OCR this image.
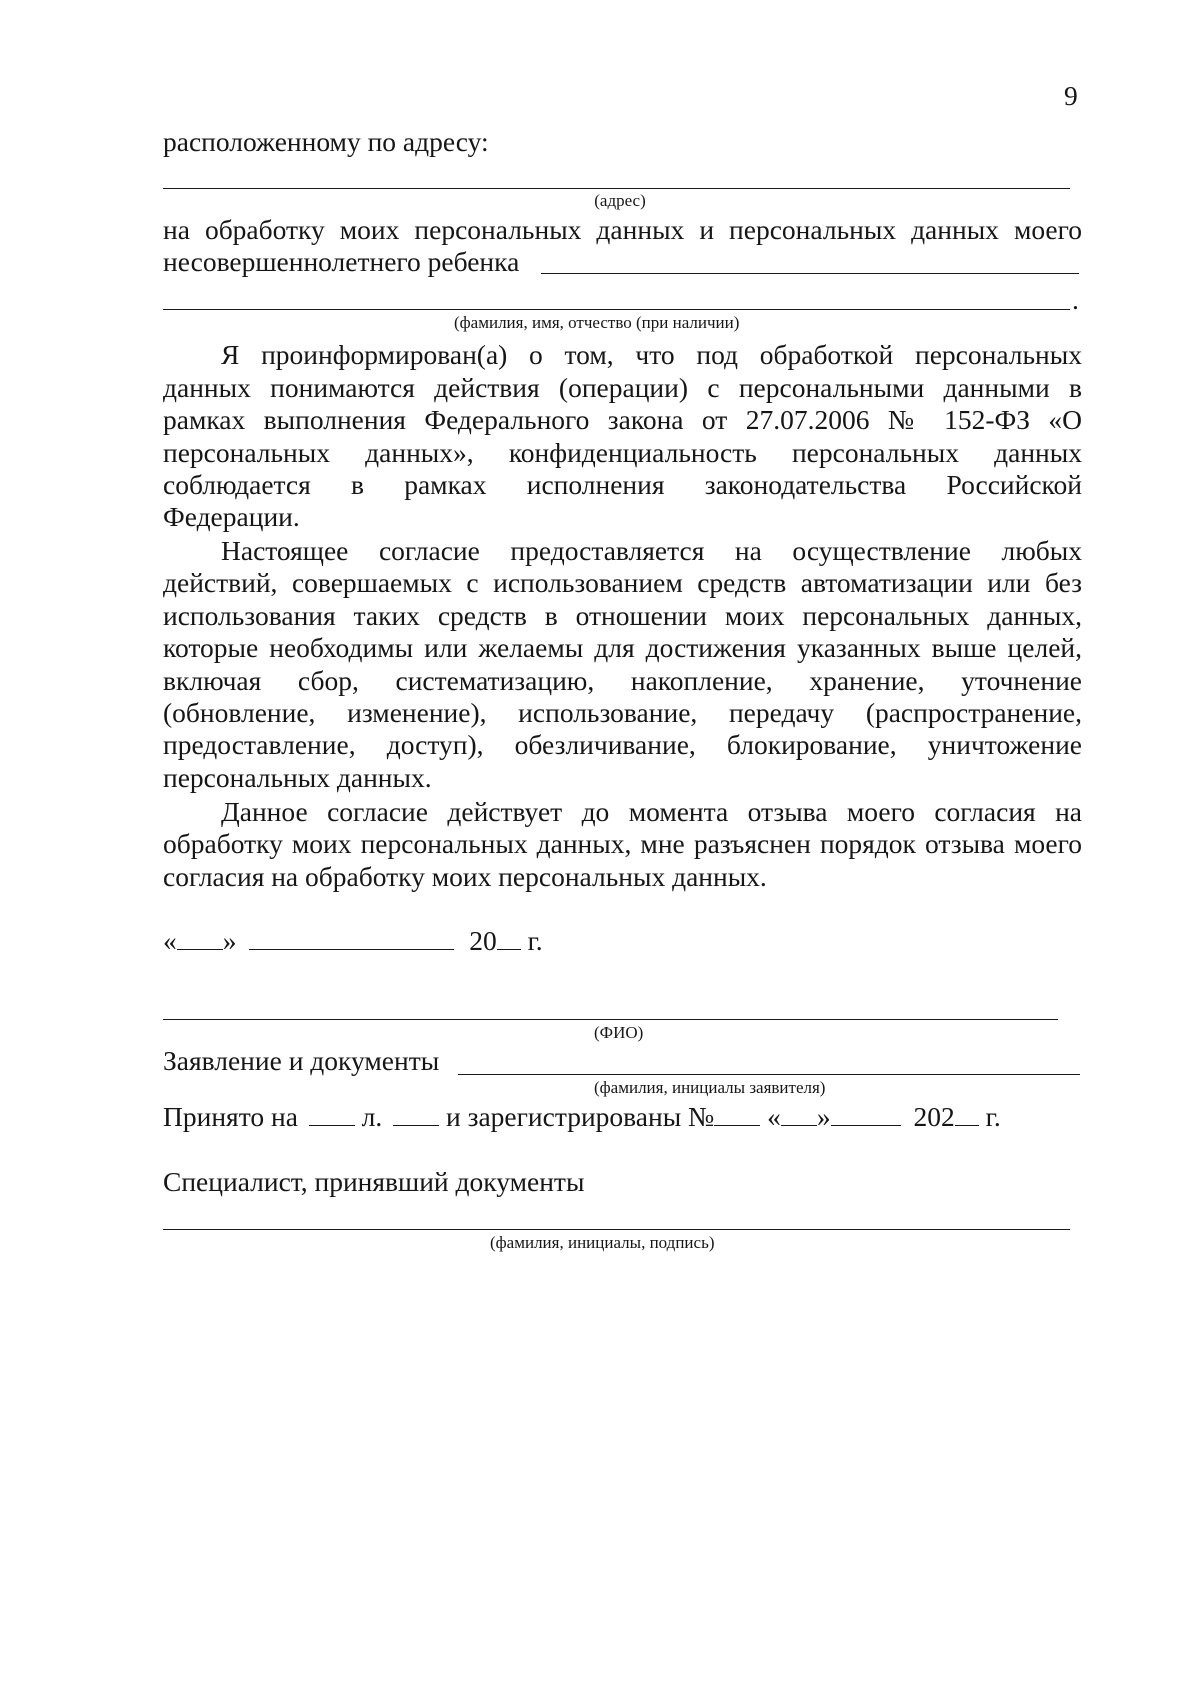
9
расположенному по адресу:
(адрес)
на обработку моих персональных данных и персональных данных моего
несовершеннолетнего ребенка
.
(фамилия, имя, отчество (при наличии)
Я проинформирован(а) о том, что под обработкой персональных
данных понимаются действия (операции) с персональными данными в
рамках выполнения Федерального закона от 27.07.2006 № 152-ФЗ «О
персональных данных», конфиденциальность персональных данных
соблюдается в рамках исполнения законодательства Российской
Федерации.
Настоящее согласие предоставляется на осуществление любых
действий, совершаемых с использованием средств автоматизации или без
использования таких средств в отношении моих персональных данных,
которые необходимы или желаемы для достижения указанных выше целей,
включая сбор, систематизацию, накопление, хранение, уточнение
(обновление, изменение), использование, передачу (распространение,
предоставление, доступ), обезличивание, блокирование, уничтожение
персональных данных.
Данное согласие действует до момента отзыва моего согласия на
обработку моих персональных данных, мне разъяснен порядок отзыва моего
согласия на обработку моих персональных данных.
« »	20 г.
(ФИО)
Заявление и документы
(фамилия, инициалы заявителя)
Принято на л. и зарегистрированы № « »	202 г.
Специалист, принявший документы
(фамилия, инициалы, подпись)
